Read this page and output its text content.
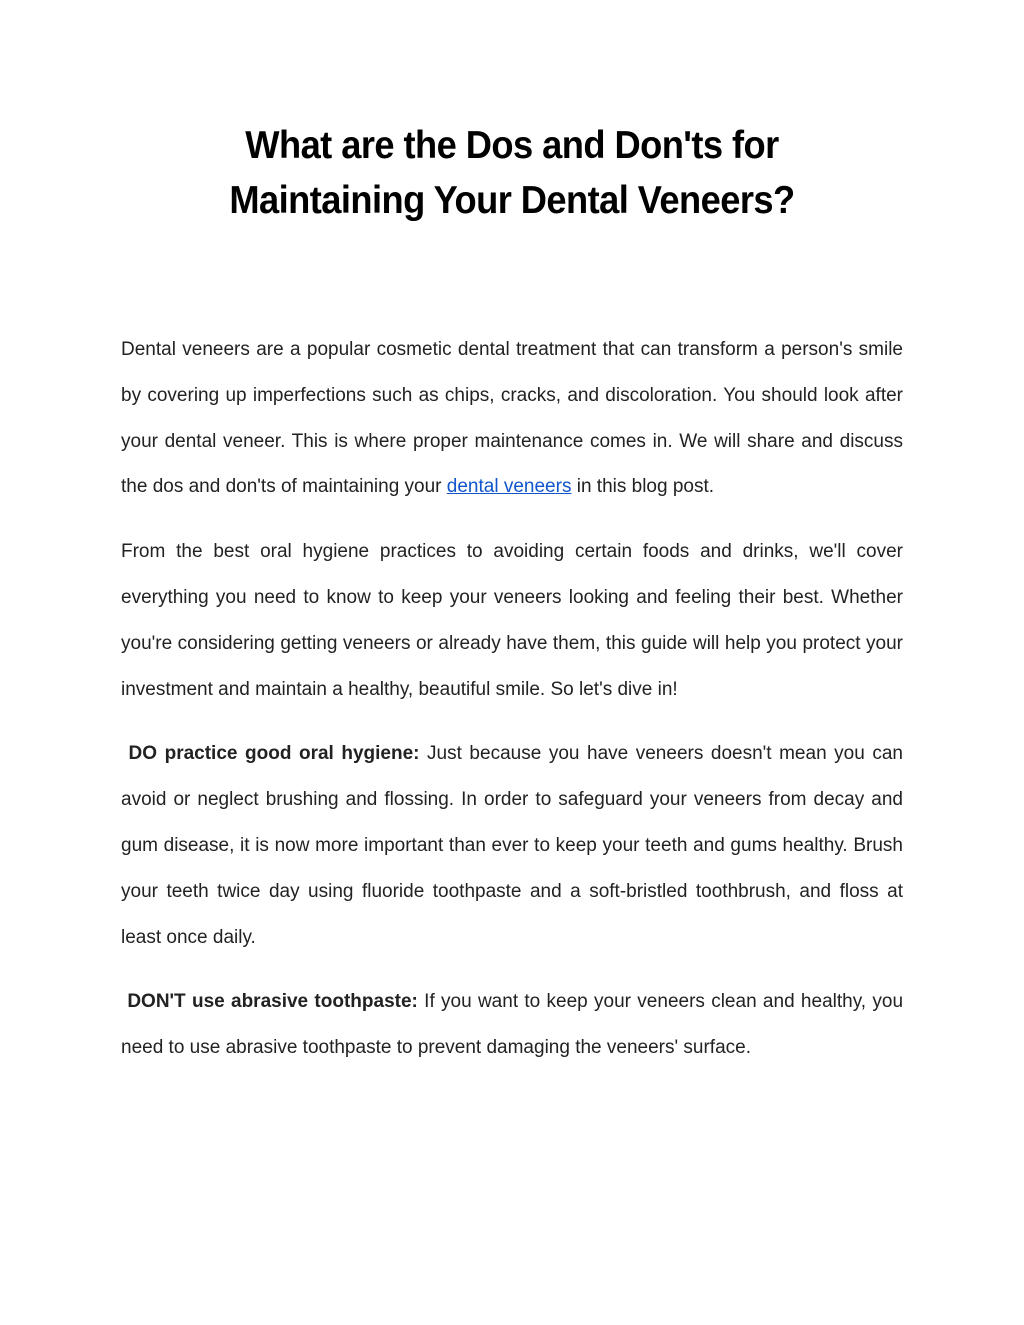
What are the Dos and Don'ts for Maintaining Your Dental Veneers?

Dental veneers are a popular cosmetic dental treatment that can transform a person's smile by covering up imperfections such as chips, cracks, and discoloration. You should look after your dental veneer. This is where proper maintenance comes in. We will share and discuss the dos and don'ts of maintaining your dental veneers in this blog post.

From the best oral hygiene practices to avoiding certain foods and drinks, we'll cover everything you need to know to keep your veneers looking and feeling their best. Whether you're considering getting veneers or already have them, this guide will help you protect your investment and maintain a healthy, beautiful smile. So let's dive in!

DO practice good oral hygiene: Just because you have veneers doesn't mean you can avoid or neglect brushing and flossing. In order to safeguard your veneers from decay and gum disease, it is now more important than ever to keep your teeth and gums healthy. Brush your teeth twice day using fluoride toothpaste and a soft-bristled toothbrush, and floss at least once daily.

DON'T use abrasive toothpaste: If you want to keep your veneers clean and healthy, you need to use abrasive toothpaste to prevent damaging the veneers' surface.
